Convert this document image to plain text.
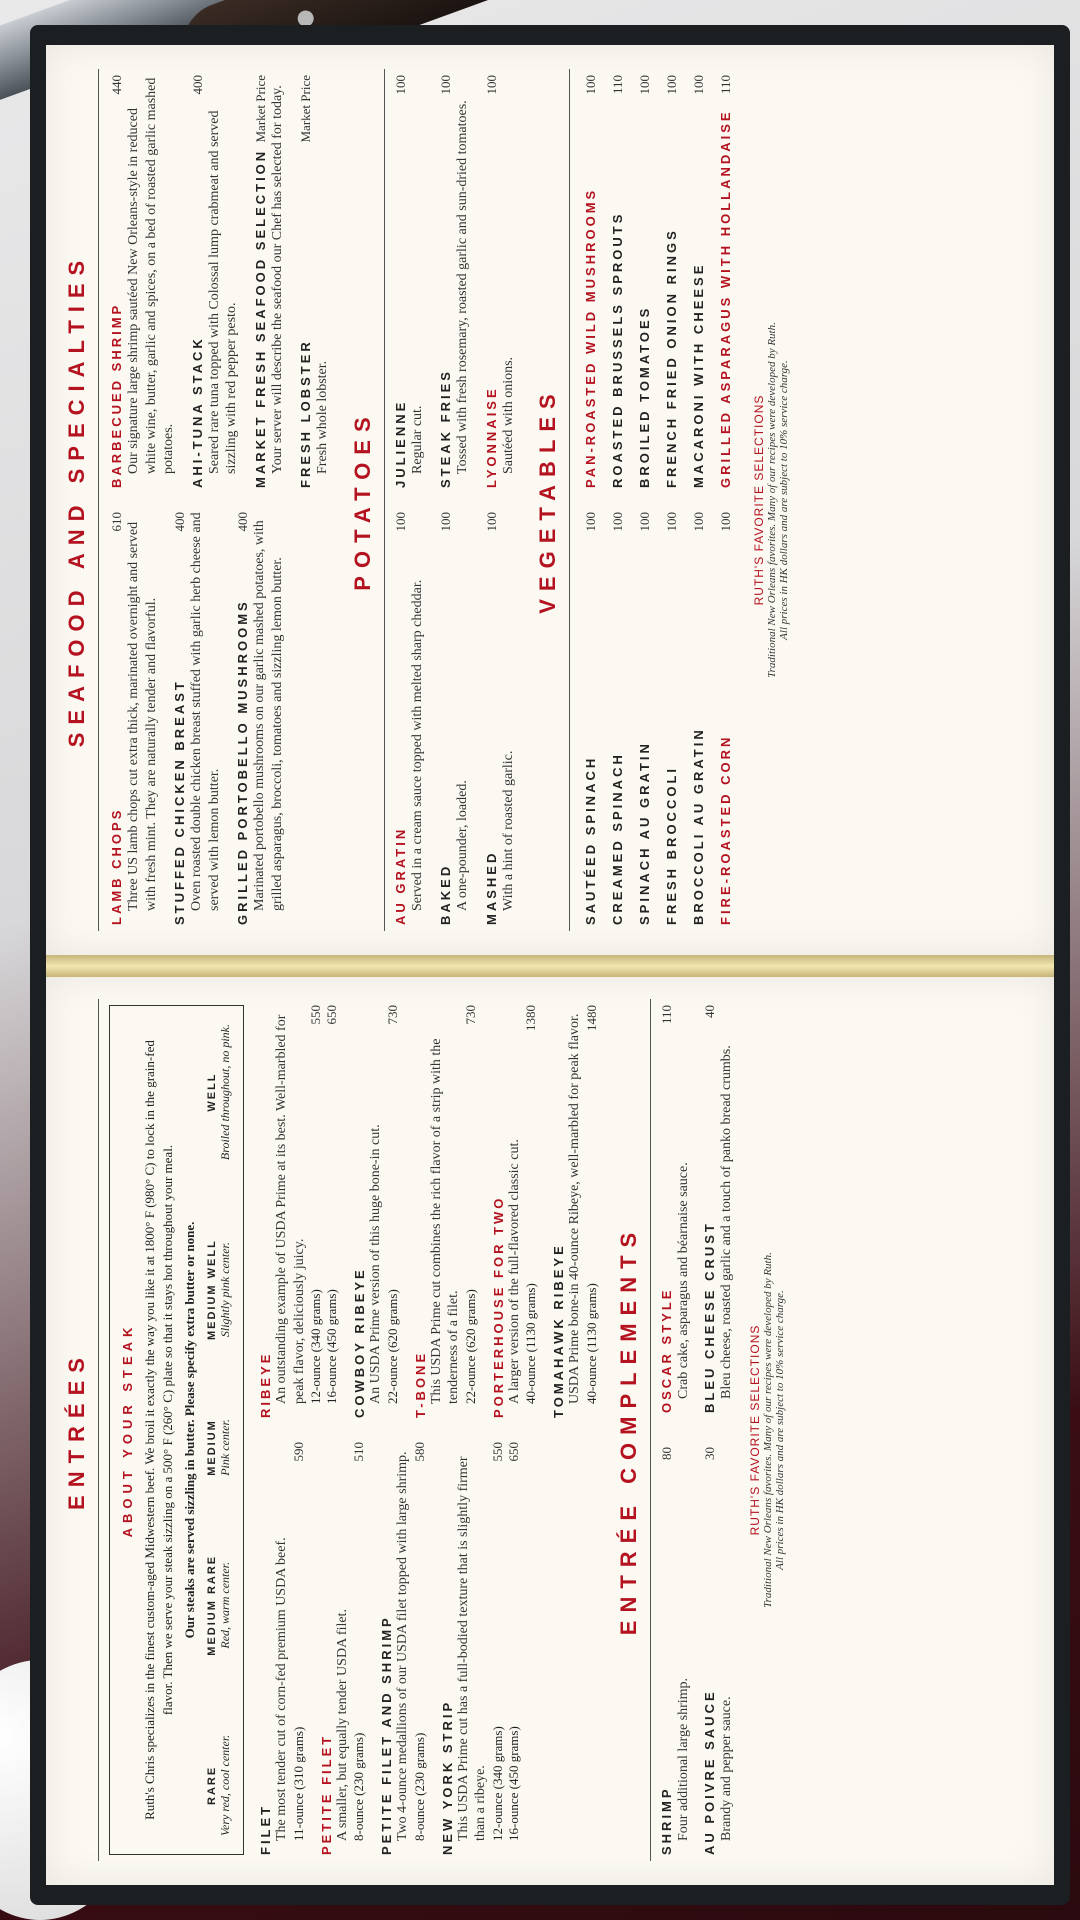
ENTRÉES ABOUT YOUR STEAK Ruth's Chris specializes in the finest custom-aged Midwestern beef. We broil it exactly the way you like it at 1800° F (980° C) to lock in the grain-fed flavor. Then we serve your steak sizzling on a 500° F (260° C) plate so that it stays hot throughout your meal. Our steaks are served sizzling in butter. Please specify extra butter or none.
RARE Very red, cool center.
MEDIUM RARE Red, warm center.
MEDIUM Pink center.
MEDIUM WELL Slightly pink center.
WELL Broiled throughout, no pink.
FILET The most tender cut of corn-fed premium USDA beef. 11-ounce (310 grams)
590
PETITE FILET A smaller, but equally tender USDA filet. 8-ounce (230 grams)
510
PETITE FILET AND SHRIMP Two 4-ounce medallions of our USDA filet topped with large shrimp. 8-ounce (230 grams)
580
NEW YORK STRIP This USDA Prime cut has a full-bodied texture that is slightly firmer than a ribeye. 12-ounce (340 grams)
550
16-ounce (450 grams)
650
RIBEYE An outstanding example of USDA Prime at its best. Well-marbled for peak flavor, deliciously juicy. 12-ounce (340 grams)
550
16-ounce (450 grams)
650
COWBOY RIBEYE An USDA Prime version of this huge bone-in cut. 22-ounce (620 grams)
730
T-BONE This USDA Prime cut combines the rich flavor of a strip with the tenderness of a filet. 22-ounce (620 grams)
730
PORTERHOUSE FOR TWO A larger version of the full-flavored classic cut. 40-ounce (1130 grams)
1380
TOMAHAWK RIBEYE USDA Prime bone-in 40-ounce Ribeye, well-marbled for peak flavor. 40-ounce (1130 grams)
1480
ENTRÉE COMPLEMENTS
SHRIMP
80
Four additional large shrimp.
OSCAR STYLE
110
Crab cake, asparagus and béarnaise sauce.
AU POIVRE SAUCE
30
Brandy and pepper sauce.
BLEU CHEESE CRUST
40
Bleu cheese, roasted garlic and a touch of panko bread crumbs.
RUTH'S FAVORITE SELECTIONS Traditional New Orleans favorites. Many of our recipes were developed by Ruth. All prices in HK dollars and are subject to 10% service charge.
SEAFOOD AND SPECIALTIES
LAMB CHOPS
610
Three US lamb chops cut extra thick, marinated overnight and served with fresh mint. They are naturally tender and flavorful. STUFFED CHICKEN BREAST
400 Oven roasted double chicken breast stuffed with garlic herb cheese and served with lemon butter. GRILLED PORTOBELLO MUSHROOMS
400 Marinated portobello mushrooms on our garlic mashed potatoes, with grilled asparagus, broccoli, tomatoes and sizzling lemon butter.
BARBECUED SHRIMP
440
Our signature large shrimp sautéed New Orleans-style in reduced white wine, butter, garlic and spices, on a bed of roasted garlic mashed potatoes. AHI-TUNA STACK
400
Seared rare tuna topped with Colossal lump crabmeat and served sizzling with red pepper pesto. MARKET FRESH SEAFOOD SELECTION
Market Price Your server will describe the seafood our Chef has selected for today. FRESH LOBSTER
Market Price
Fresh whole lobster. POTATOES
AU GRATIN
100
Served in a cream sauce topped with melted sharp cheddar. BAKED
100
A one-pounder, loaded. MASHED
100
With a hint of roasted garlic.
JULIENNE
100
Regular cut. STEAK FRIES
100
Tossed with fresh rosemary, roasted garlic and sun-dried tomatoes. LYONNAISE
100
Sautéed with onions. VEGETABLES
SAUTÉED SPINACH
100
CREAMED SPINACH
100
SPINACH AU GRATIN
100
FRESH BROCCOLI
100
BROCCOLI AU GRATIN
100
FIRE-ROASTED CORN
100
PAN-ROASTED WILD MUSHROOMS
100
ROASTED BRUSSELS SPROUTS
110
BROILED TOMATOES
100
FRENCH FRIED ONION RINGS
100
MACARONI WITH CHEESE
100
GRILLED ASPARAGUS WITH HOLLANDAISE
110
RUTH'S FAVORITE SELECTIONS Traditional New Orleans favorites. Many of our recipes were developed by Ruth. All prices in HK dollars and are subject to 10% service charge.
